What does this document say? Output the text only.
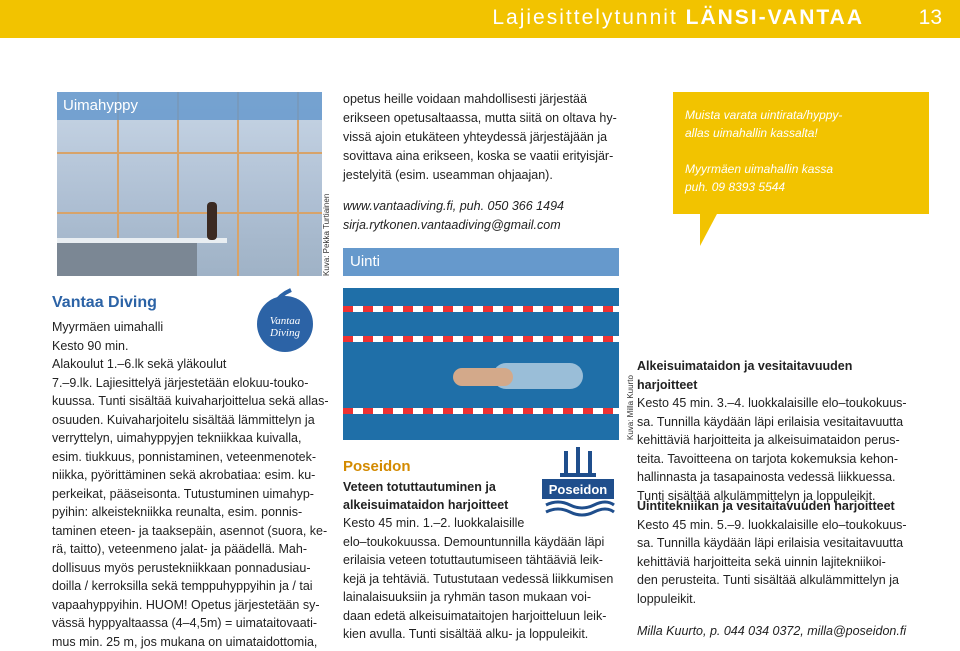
Lajiesittelytunnit LÄNSI-VANTAA	13
Uimahyppy
Kuva: Pekka Turtiainen
opetus heille voidaan mahdollisesti järjestää
erikseen opetusaltaassa, mutta siitä on oltava hy-
vissä ajoin etukäteen yhteydessä järjestäjään ja
sovittava aina erikseen, koska se vaatii erityisjär-
jestelyitä (esim. useamman ohjaajan).
www.vantaadiving.fi, puh. 050 366 1494
sirja.rytkonen.vantaadiving@gmail.com
Uinti
Muista varata uintirata/hyppy-
allas uimahallin kassalta!
Myyrmäen uimahallin kassa
puh. 09 8393 5544
Vantaa Diving
Vantaa
Diving
Myyrmäen uimahalli
Kesto 90 min.
Alakoulut 1.–6.lk sekä yläkoulut
7.–9.lk. Lajiesittelyä järjestetään elokuu-touko-
kuussa. Tunti sisältää kuivaharjoittelua sekä allas-
osuuden. Kuivaharjoitelu sisältää lämmittelyn ja
verryttelyn, uimahyppyjen tekniikkaa kuivalla,
esim. tiukkuus, ponnistaminen, veteenmenotek-
niikka, pyörittäminen sekä akrobatiaa: esim. ku-
perkeikat, pääseisonta. Tutustuminen uimahyp-
pyihin: alkeistekniikka reunalta, esim. ponnis-
taminen eteen- ja taaksepäin, asennot (suora, ke-
rä, taitto), veteenmeno jalat- ja päädellä. Mah-
dollisuus myös perustekniikkaan ponnadusiau-
doilla / kerroksilla sekä temppuhyppyihin ja / tai
vapaahyppyihin. HUOM! Opetus järjestetään sy-
vässä hyppyaltaassa (4–4,5m) = uimataitovaati-
mus min. 25 m, jos mukana on uimataidottomia,
Kuva: Milla Kuurto
Poseidon
Poseidon
Veteen totuttautuminen ja
alkeisuimataidon harjoitteet
Kesto 45 min. 1.–2. luokkalaisille
elo–toukokuussa. Demountunnilla käydään läpi
erilaisia veteen totuttautumiseen tähtääviä leik-
kejä ja tehtäviä. Tutustutaan vedessä liikkumisen
lainalaisuuksiin ja ryhmän tason mukaan voi-
daan edetä alkeisuimataitojen harjoitteluun leik-
kien avulla. Tunti sisältää alku- ja loppuleikit.
Alkeisuimataidon ja vesitaitavuuden harjoitteet
Kesto 45 min. 3.–4. luokkalaisille elo–toukokuus-
sa. Tunnilla käydään läpi erilaisia vesitaitavuutta
kehittäviä harjoitteita ja alkeisuimataidon perus-
teita. Tavoitteena on tarjota kokemuksia kehon-
hallinnasta ja tasapainosta vedessä liikkuessa.
Tunti sisältää alkulämmittelyn ja loppuleikit.
Uintitekniikan ja vesitaitavuuden harjoitteet
Kesto 45 min. 5.–9. luokkalaisille elo–toukokuus-
sa. Tunnilla käydään läpi erilaisia vesitaitavuutta
kehittäviä harjoitteita sekä uinnin lajitekniikoi-
den perusteita. Tunti sisältää alkulämmittelyn ja
loppuleikit.
Milla Kuurto, p. 044 034 0372, milla@poseidon.fi
